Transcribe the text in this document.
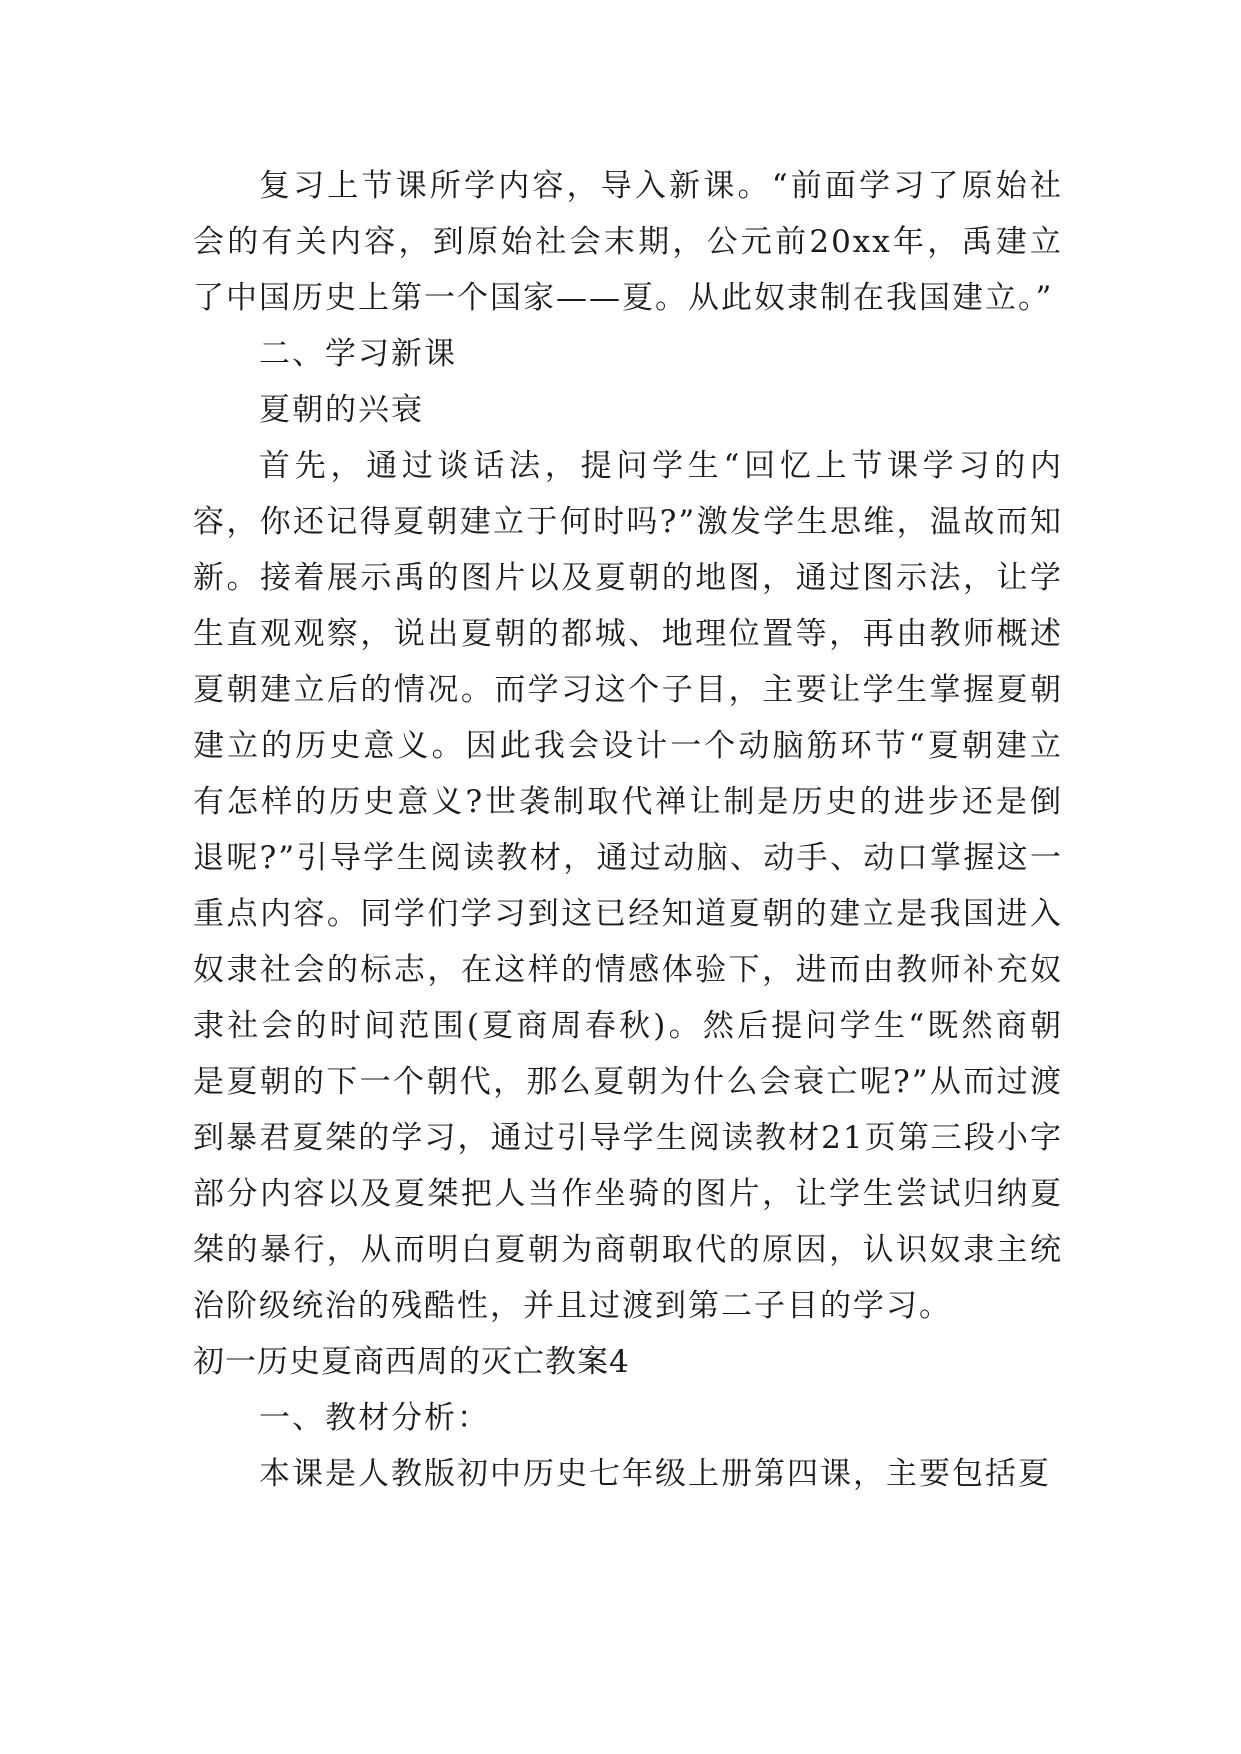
复习上节课所学内容，导入新课。“前面学习了原始社会的有关内容，到原始社会末期，公元前20xx年，禹建立了中国历史上第一个国家——夏。从此奴隶制在我国建立。”

二、学习新课

夏朝的兴衰

首先，通过谈话法，提问学生“回忆上节课学习的内容，你还记得夏朝建立于何时吗?”激发学生思维，温故而知新。接着展示禹的图片以及夏朝的地图，通过图示法，让学生直观观察，说出夏朝的都城、地理位置等，再由教师概述夏朝建立后的情况。而学习这个子目，主要让学生掌握夏朝建立的历史意义。因此我会设计一个动脑筋环节“夏朝建立有怎样的历史意义?世袭制取代禅让制是历史的进步还是倒退呢?”引导学生阅读教材，通过动脑、动手、动口掌握这一重点内容。同学们学习到这已经知道夏朝的建立是我国进入奴隶社会的标志，在这样的情感体验下，进而由教师补充奴隶社会的时间范围(夏商周春秋)。然后提问学生“既然商朝是夏朝的下一个朝代，那么夏朝为什么会衰亡呢?”从而过渡到暴君夏桀的学习，通过引导学生阅读教材21页第三段小字部分内容以及夏桀把人当作坐骑的图片，让学生尝试归纳夏桀的暴行，从而明白夏朝为商朝取代的原因，认识奴隶主统治阶级统治的残酷性，并且过渡到第二子目的学习。

初一历史夏商西周的灭亡教案4

一、教材分析：

本课是人教版初中历史七年级上册第四课，主要包括夏
